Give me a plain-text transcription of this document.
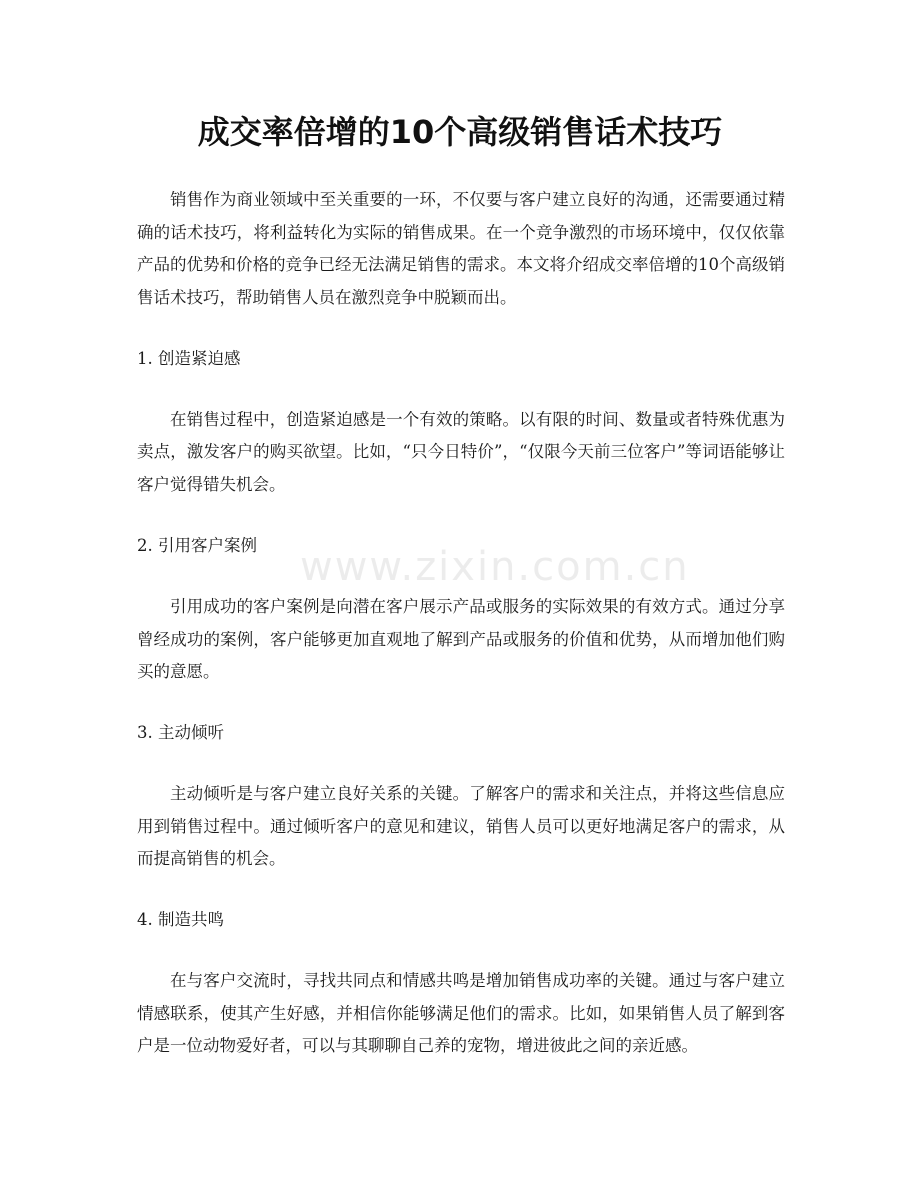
成交率倍增的10个高级销售话术技巧

销售作为商业领域中至关重要的一环，不仅要与客户建立良好的沟通，还需要通过精确的话术技巧，将利益转化为实际的销售成果。在一个竞争激烈的市场环境中，仅仅依靠产品的优势和价格的竞争已经无法满足销售的需求。本文将介绍成交率倍增的10个高级销售话术技巧，帮助销售人员在激烈竞争中脱颖而出。

1. 创造紧迫感

在销售过程中，创造紧迫感是一个有效的策略。以有限的时间、数量或者特殊优惠为卖点，激发客户的购买欲望。比如，“只今日特价”，“仅限今天前三位客户”等词语能够让客户觉得错失机会。

2. 引用客户案例

引用成功的客户案例是向潜在客户展示产品或服务的实际效果的有效方式。通过分享曾经成功的案例，客户能够更加直观地了解到产品或服务的价值和优势，从而增加他们购买的意愿。

3. 主动倾听

主动倾听是与客户建立良好关系的关键。了解客户的需求和关注点，并将这些信息应用到销售过程中。通过倾听客户的意见和建议，销售人员可以更好地满足客户的需求，从而提高销售的机会。

4. 制造共鸣

在与客户交流时，寻找共同点和情感共鸣是增加销售成功率的关键。通过与客户建立情感联系，使其产生好感，并相信你能够满足他们的需求。比如，如果销售人员了解到客户是一位动物爱好者，可以与其聊聊自己养的宠物，增进彼此之间的亲近感。

www.zixin.com.cn
